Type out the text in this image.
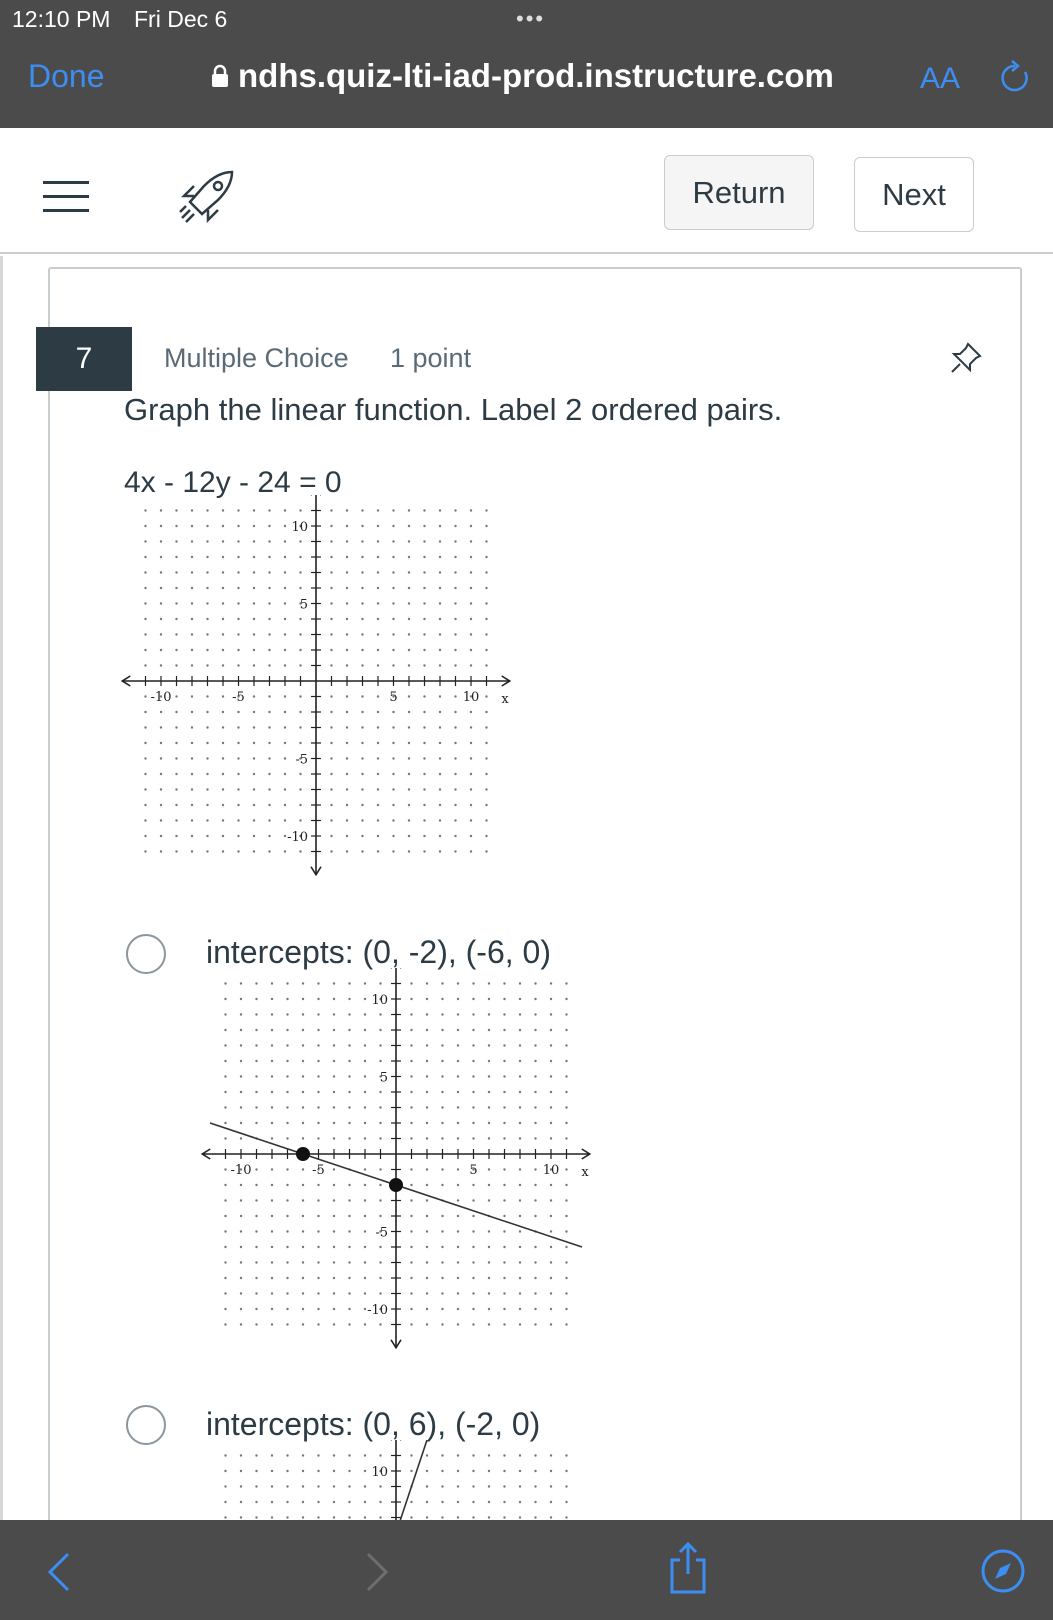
12:10 PM Fri Dec 6	•••
Done	ndhs.quiz-lti-iad-prod.instructure.com	AA
Return	Next
7	Multiple Choice 1 point
Graph the linear function. Label 2 ordered pairs.
4x - 12y - 24 = 0
-10	-5	5	10
10
5
-5
-10
x
intercepts: (0, -2), (-6, 0)
-10	-5	5	10
10
5
-5
-10
x
intercepts: (0, 6), (-2, 0)
10
